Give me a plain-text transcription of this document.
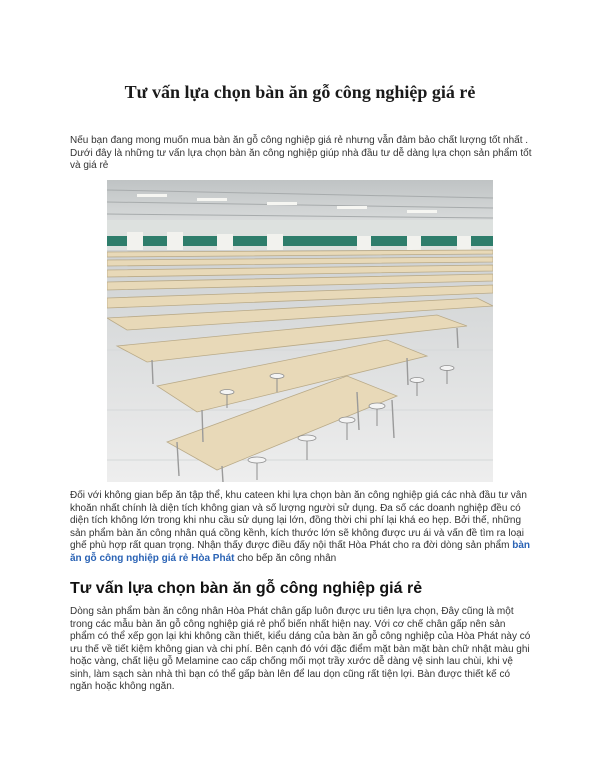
Tư vấn lựa chọn bàn ăn gỗ công nghiệp giá rẻ

Nếu bạn đang mong muốn mua bàn ăn gỗ công nghiệp giá rẻ nhưng vẫn đảm bảo chất lượng tốt nhất . Dưới đây là những tư vấn lựa chọn bàn ăn công nghiệp giúp nhà đầu tư dễ dàng lựa chọn sản phẩm tốt và giá rẻ

Đối với không gian bếp ăn tập thể, khu cateen khi lựa chọn bàn ăn công nghiệp giá các nhà đầu tư vân khoăn nhất chính là diện tích không gian và số lượng người sử dụng. Đa số các doanh nghiệp đều có diện tích không lớn trong khi nhu cầu sử dụng lại lớn, đồng thời chi phí lại khá eo hẹp. Bởi thế, những sản phẩm bàn ăn công nhân quá cồng kềnh, kích thước lớn sẽ không được ưu ái và vấn đề tìm ra loại ghế phù hợp rất quan trọng. Nhận thấy được điều đấy nội thất Hòa Phát cho ra đời dòng sản phẩm bàn ăn gỗ công nghiệp giá rẻ Hòa Phát cho bếp ăn công nhân

Tư vấn lựa chọn bàn ăn gỗ công nghiệp giá rẻ

Dòng sản phẩm bàn ăn công nhân Hòa Phát chân gấp luôn được ưu tiên lựa chọn, Đây cũng là một trong các mẫu bàn ăn gỗ công nghiệp giá rẻ phổ biến nhất hiện nay. Với cơ chế chân gấp nên sản phẩm có thể xếp gọn lại khi không cần thiết, kiểu dáng của bàn ăn gỗ công nghiệp của Hòa Phát này có ưu thế về tiết kiệm không gian và chi phí. Bên cạnh đó với đặc điểm mặt bàn mặt bàn chữ nhật màu ghi hoặc vàng, chất liệu gỗ Melamine cao cấp chống mối mọt trầy xước dễ dàng vệ sinh lau chùi, khi vệ sinh, làm sạch sàn nhà thì bạn có thể gấp bàn lên để lau dọn cũng rất tiện lợi. Bàn được thiết kế có ngăn hoặc không ngăn.
